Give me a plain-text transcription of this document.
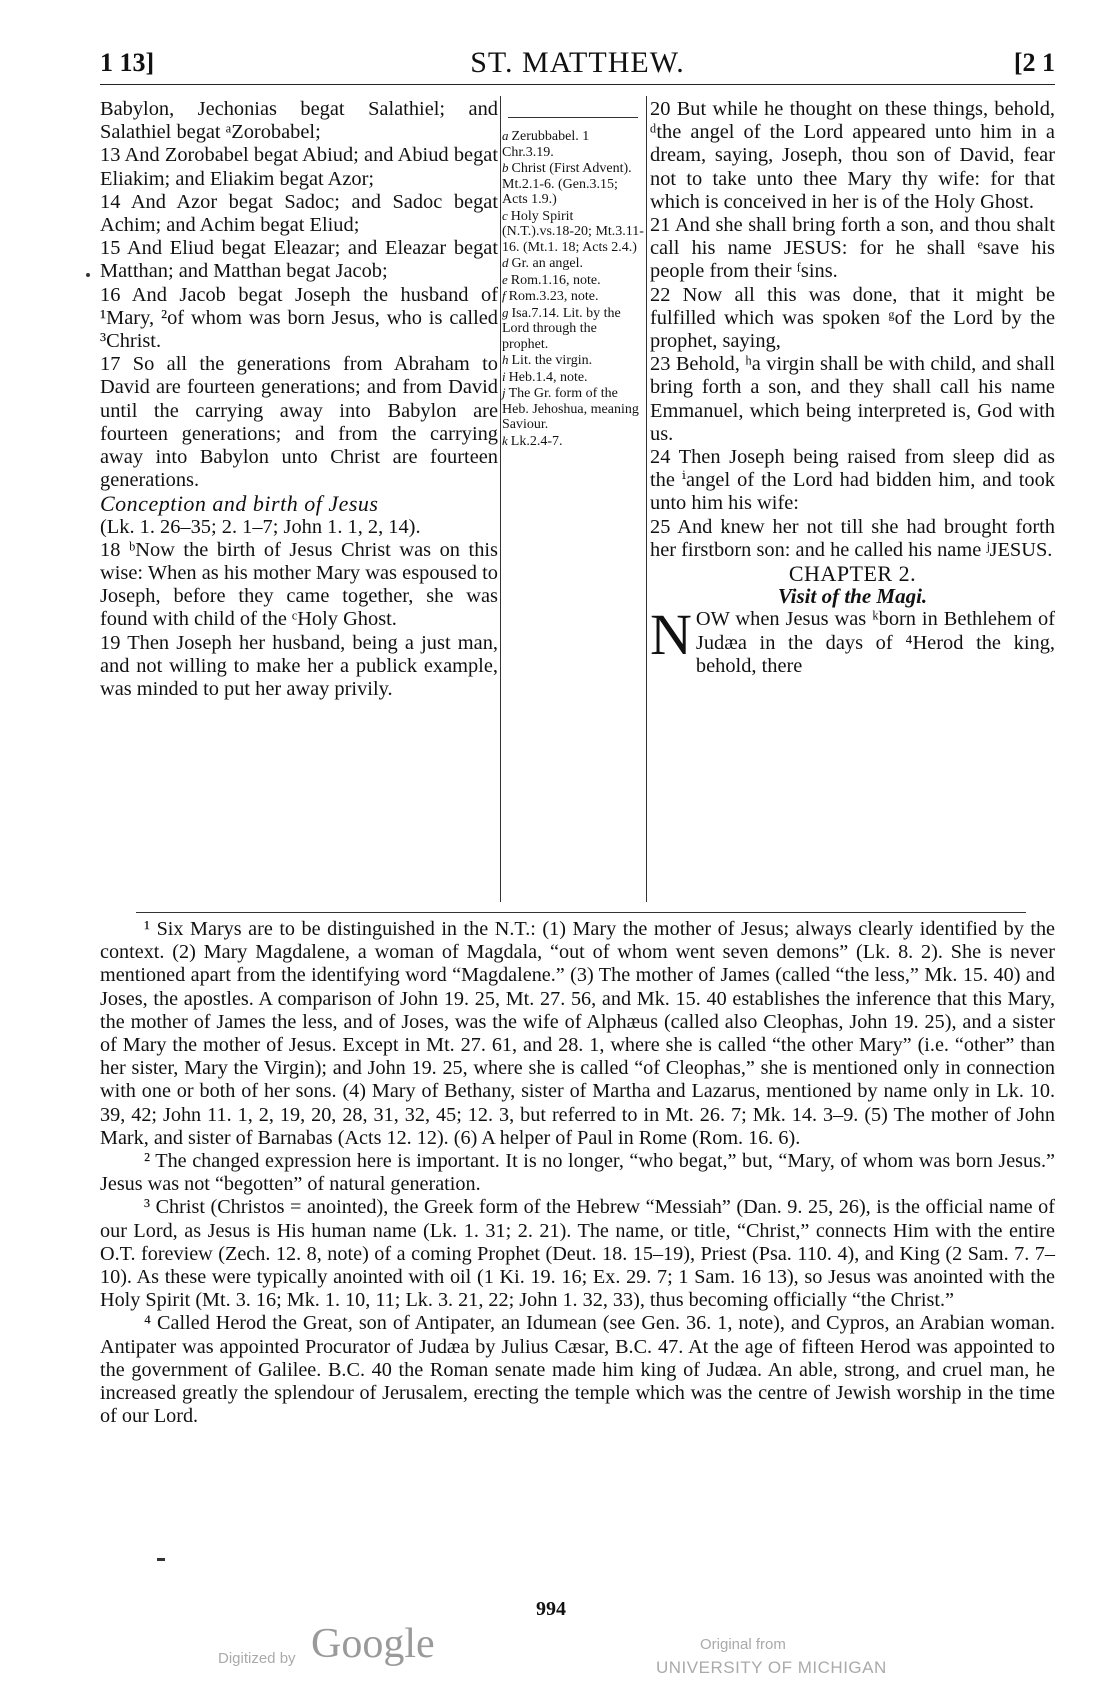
1 13]	ST. MATTHEW.	[2 1

Babylon, Jechonias begat Salathiel; and Salathiel begat ᵃZorobabel;

13 And Zorobabel begat Abiud; and Abiud begat Eliakim; and Eliakim begat Azor;

14 And Azor begat Sadoc; and Sadoc begat Achim; and Achim begat Eliud;

15 And Eliud begat Eleazar; and Eleazar begat Matthan; and Matthan begat Jacob;

16 And Jacob begat Joseph the husband of ¹Mary, ²of whom was born Jesus, who is called ³Christ.

17 So all the generations from Abraham to David are fourteen generations; and from David until the carrying away into Babylon are fourteen generations; and from the carrying away into Babylon unto Christ are fourteen generations.

Conception and birth of Jesus

(Lk. 1. 26–35; 2. 1–7; John 1. 1, 2, 14).

18 ᵇNow the birth of Jesus Christ was on this wise: When as his mother Mary was espoused to Joseph, before they came together, she was found with child of the ᶜHoly Ghost.

19 Then Joseph her husband, being a just man, and not willing to make her a publick example, was minded to put her away privily.

a Zerubbabel. 1 Chr.3.19.

b Christ (First Advent). Mt.2.1-6. (Gen.3.15; Acts 1.9.)

c Holy Spirit (N.T.).vs.18-20; Mt.3.11-16. (Mt.1. 18; Acts 2.4.)

d Gr. an angel.

e Rom.1.16, note.

f Rom.3.23, note.

g Isa.7.14. Lit. by the Lord through the prophet.

h Lit. the virgin.

i Heb.1.4, note.

j The Gr. form of the Heb. Jehoshua, meaning Saviour.

k Lk.2.4-7.

20 But while he thought on these things, behold, ᵈthe angel of the Lord appeared unto him in a dream, saying, Joseph, thou son of David, fear not to take unto thee Mary thy wife: for that which is conceived in her is of the Holy Ghost.

21 And she shall bring forth a son, and thou shalt call his name JESUS: for he shall ᵉsave his people from their ᶠsins.

22 Now all this was done, that it might be fulfilled which was spoken ᵍof the Lord by the prophet, saying,

23 Behold, ʰa virgin shall be with child, and shall bring forth a son, and they shall call his name Emmanuel, which being interpreted is, God with us.

24 Then Joseph being raised from sleep did as the ⁱangel of the Lord had bidden him, and took unto him his wife:

25 And knew her not till she had brought forth her firstborn son: and he called his name ʲJESUS.

CHAPTER 2.

Visit of the Magi.

NOW when Jesus was ᵏborn in Bethlehem of Judæa in the days of ⁴Herod the king, behold, there

¹ Six Marys are to be distinguished in the N.T.: (1) Mary the mother of Jesus; always clearly identified by the context. (2) Mary Magdalene, a woman of Magdala, “out of whom went seven demons” (Lk. 8. 2). She is never mentioned apart from the identifying word “Magdalene.” (3) The mother of James (called “the less,” Mk. 15. 40) and Joses, the apostles. A comparison of John 19. 25, Mt. 27. 56, and Mk. 15. 40 establishes the inference that this Mary, the mother of James the less, and of Joses, was the wife of Alphæus (called also Cleophas, John 19. 25), and a sister of Mary the mother of Jesus. Except in Mt. 27. 61, and 28. 1, where she is called “the other Mary” (i.e. “other” than her sister, Mary the Virgin); and John 19. 25, where she is called “of Cleophas,” she is mentioned only in connection with one or both of her sons. (4) Mary of Bethany, sister of Martha and Lazarus, mentioned by name only in Lk. 10. 39, 42; John 11. 1, 2, 19, 20, 28, 31, 32, 45; 12. 3, but referred to in Mt. 26. 7; Mk. 14. 3–9. (5) The mother of John Mark, and sister of Barnabas (Acts 12. 12). (6) A helper of Paul in Rome (Rom. 16. 6).

² The changed expression here is important. It is no longer, “who begat,” but, “Mary, of whom was born Jesus.” Jesus was not “begotten” of natural generation.

³ Christ (Christos = anointed), the Greek form of the Hebrew “Messiah” (Dan. 9. 25, 26), is the official name of our Lord, as Jesus is His human name (Lk. 1. 31; 2. 21). The name, or title, “Christ,” connects Him with the entire O.T. foreview (Zech. 12. 8, note) of a coming Prophet (Deut. 18. 15–19), Priest (Psa. 110. 4), and King (2 Sam. 7. 7–10). As these were typically anointed with oil (1 Ki. 19. 16; Ex. 29. 7; 1 Sam. 16 13), so Jesus was anointed with the Holy Spirit (Mt. 3. 16; Mk. 1. 10, 11; Lk. 3. 21, 22; John 1. 32, 33), thus becoming officially “the Christ.”

⁴ Called Herod the Great, son of Antipater, an Idumean (see Gen. 36. 1, note), and Cypros, an Arabian woman. Antipater was appointed Procurator of Judæa by Julius Cæsar, B.C. 47. At the age of fifteen Herod was appointed to the government of Galilee. B.C. 40 the Roman senate made him king of Judæa. An able, strong, and cruel man, he increased greatly the splendour of Jerusalem, erecting the temple which was the centre of Jewish worship in the time of our Lord.

994
Digitized by Google	Original from
UNIVERSITY OF MICHIGAN
